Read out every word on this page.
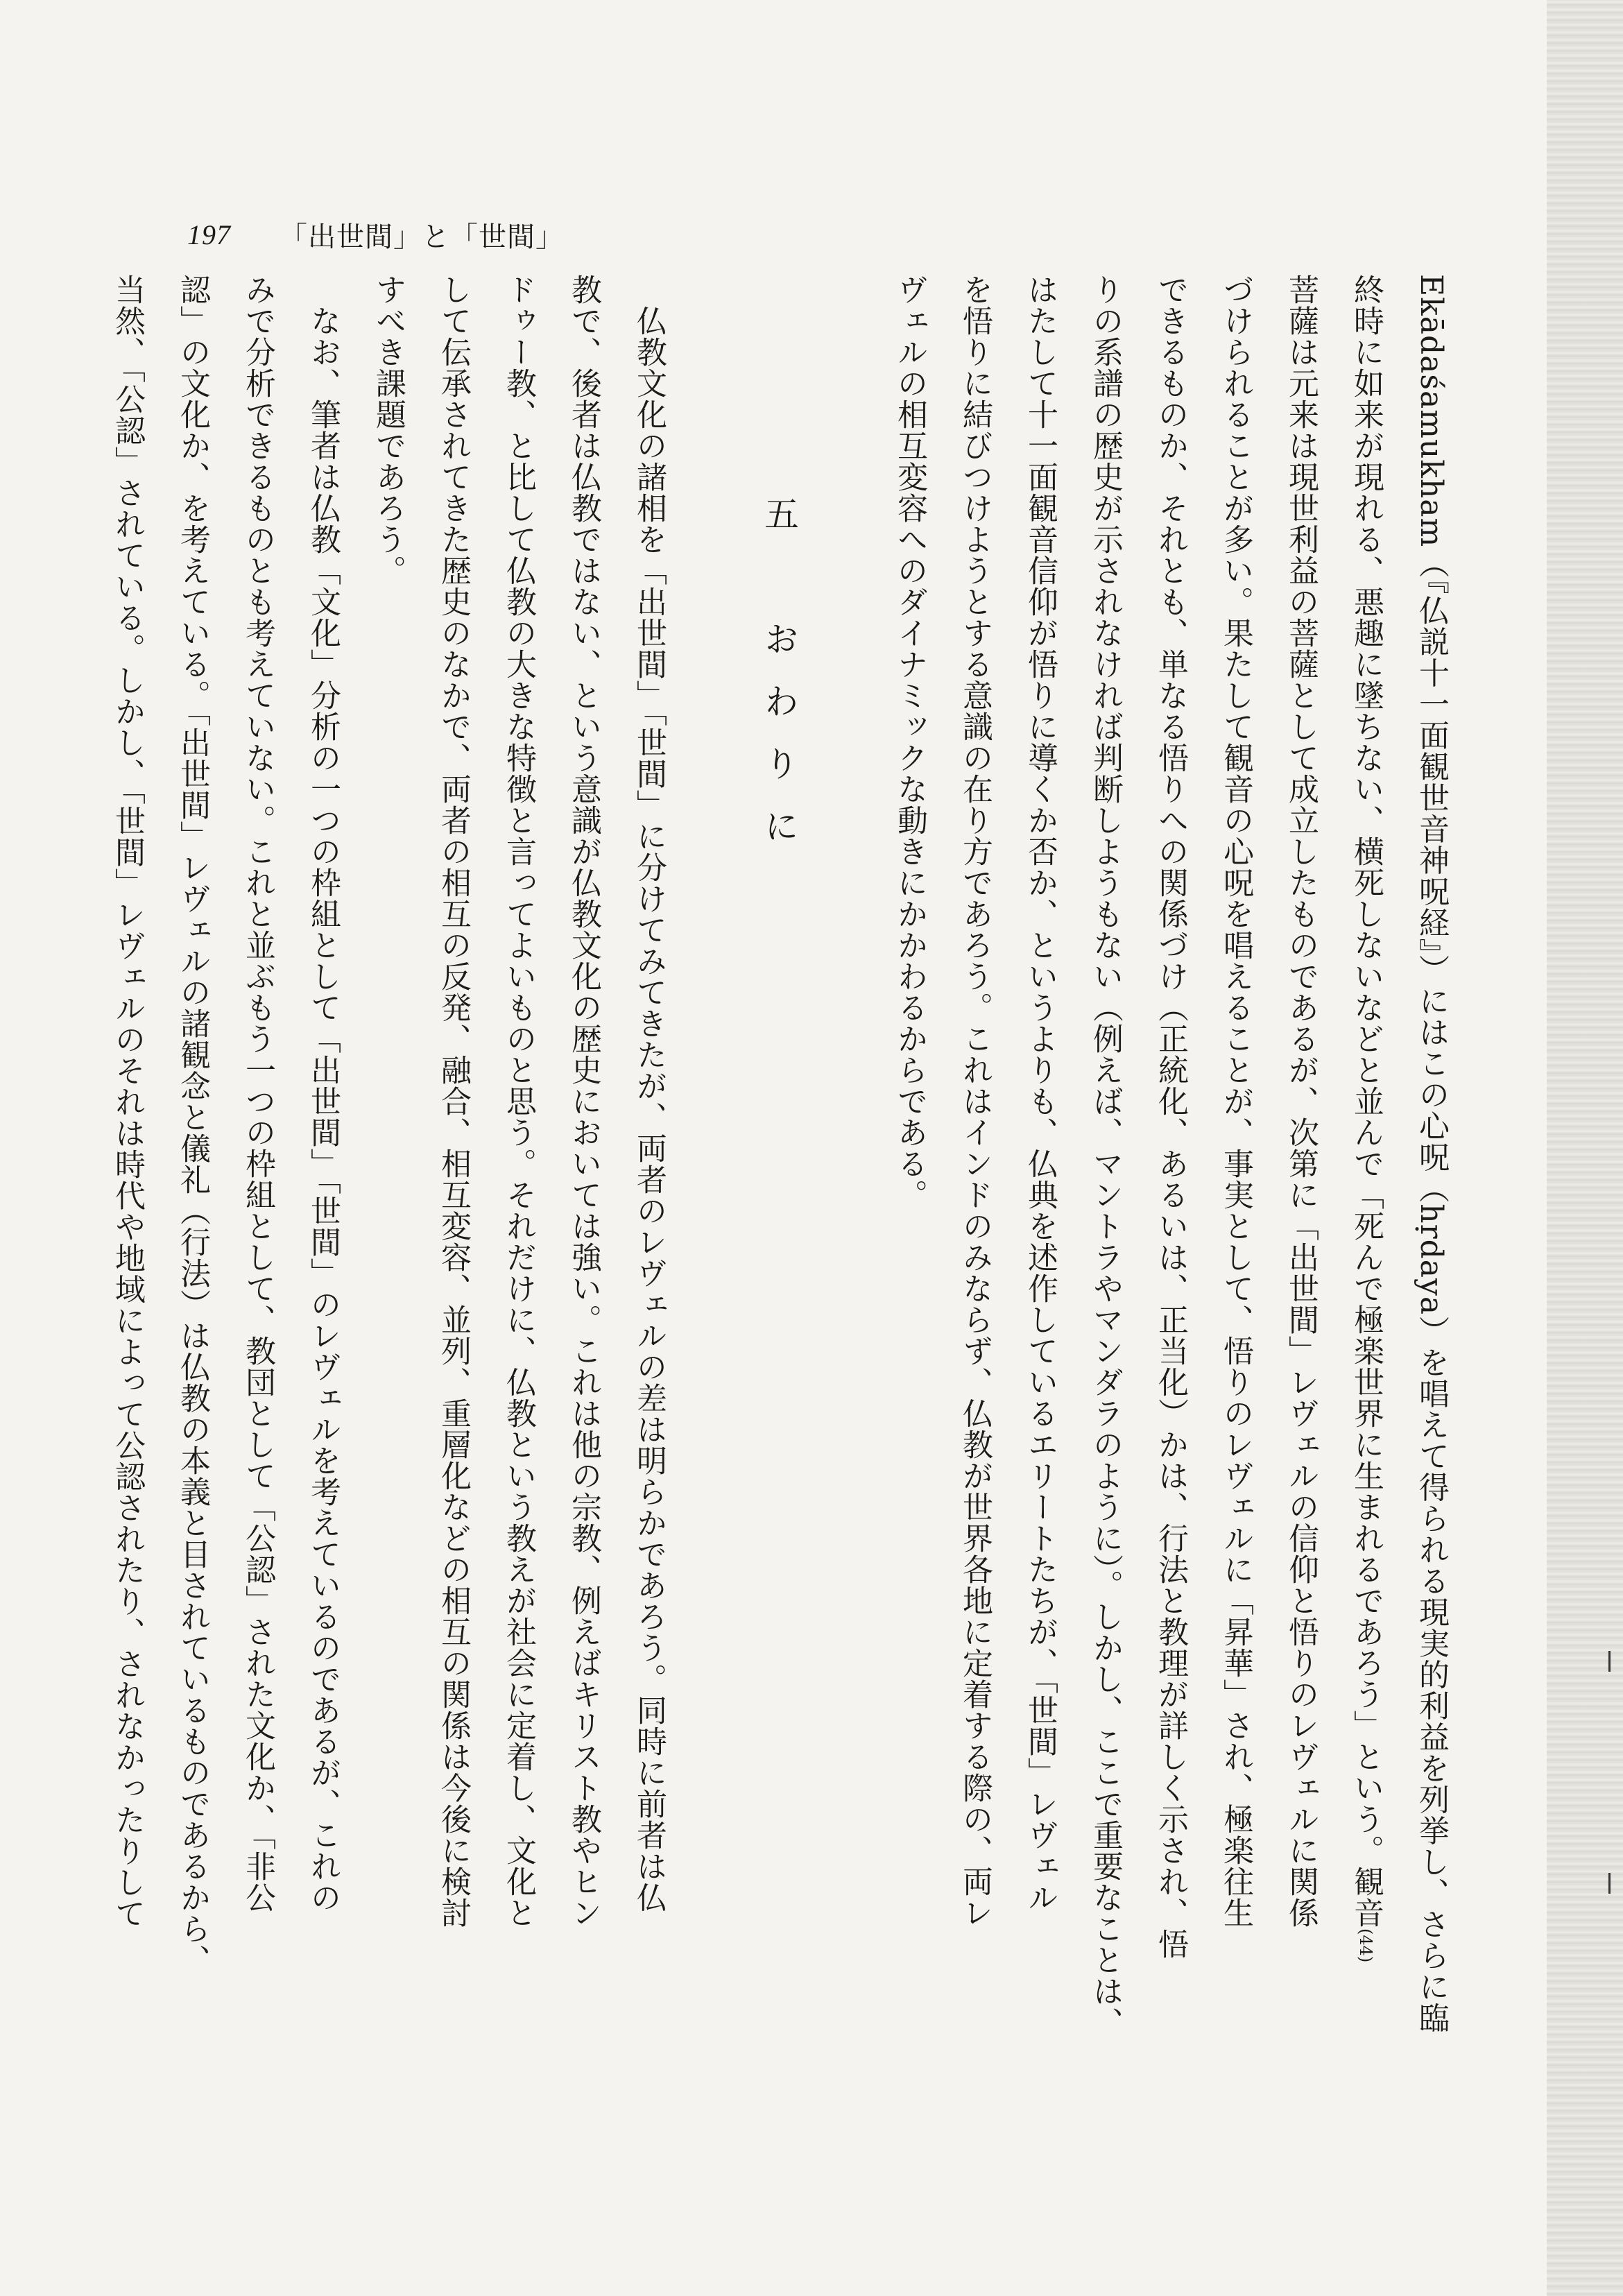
197 「出世間」と「世間」
Ekādaśamukham（『仏説十一面観世音神呪経』）にはこの心呪（hṛdaya）を唱えて得られる現実的利益を列挙し、さらに臨
終時に如来が現れる、悪趣に墜ちない、横死しないなどと並んで「死んで極楽世界に生まれるであろう」という。観音$^{(44)}$
菩薩は元来は現世利益の菩薩として成立したものであるが、次第に「出世間」レヴェルの信仰と悟りのレヴェルに関係
づけられることが多い。果たして観音の心呪を唱えることが、事実として、悟りのレヴェルに「昇華」され、極楽往生
できるものか、それとも、単なる悟りへの関係づけ（正統化、あるいは、正当化）かは、行法と教理が詳しく示され、悟
りの系譜の歴史が示されなければ判断しようもない（例えば、マントラやマンダラのように）。しかし、ここで重要なことは、
はたして十一面観音信仰が悟りに導くか否か、というよりも、仏典を述作しているエリートたちが、「世間」レヴェル
を悟りに結びつけようとする意識の在り方であろう。これはインドのみならず、仏教が世界各地に定着する際の、両レ
ヴェルの相互変容へのダイナミックな動きにかかわるからである。

五　おわりに

　仏教文化の諸相を「出世間」「世間」に分けてみてきたが、両者のレヴェルの差は明らかであろう。同時に前者は仏
教で、後者は仏教ではない、という意識が仏教文化の歴史においては強い。これは他の宗教、例えばキリスト教やヒン
ドゥー教、と比して仏教の大きな特徴と言ってよいものと思う。それだけに、仏教という教えが社会に定着し、文化と
して伝承されてきた歴史のなかで、両者の相互の反発、融合、相互変容、並列、重層化などの相互の関係は今後に検討
すべき課題であろう。
　なお、筆者は仏教「文化」分析の一つの枠組として「出世間」「世間」のレヴェルを考えているのであるが、これの
みで分析できるものとも考えていない。これと並ぶもう一つの枠組として、教団として「公認」された文化か、「非公
認」の文化か、を考えている。「出世間」レヴェルの諸観念と儀礼（行法）は仏教の本義と目されているものであるから、
当然、「公認」されている。しかし、「世間」レヴェルのそれは時代や地域によって公認されたり、されなかったりして
